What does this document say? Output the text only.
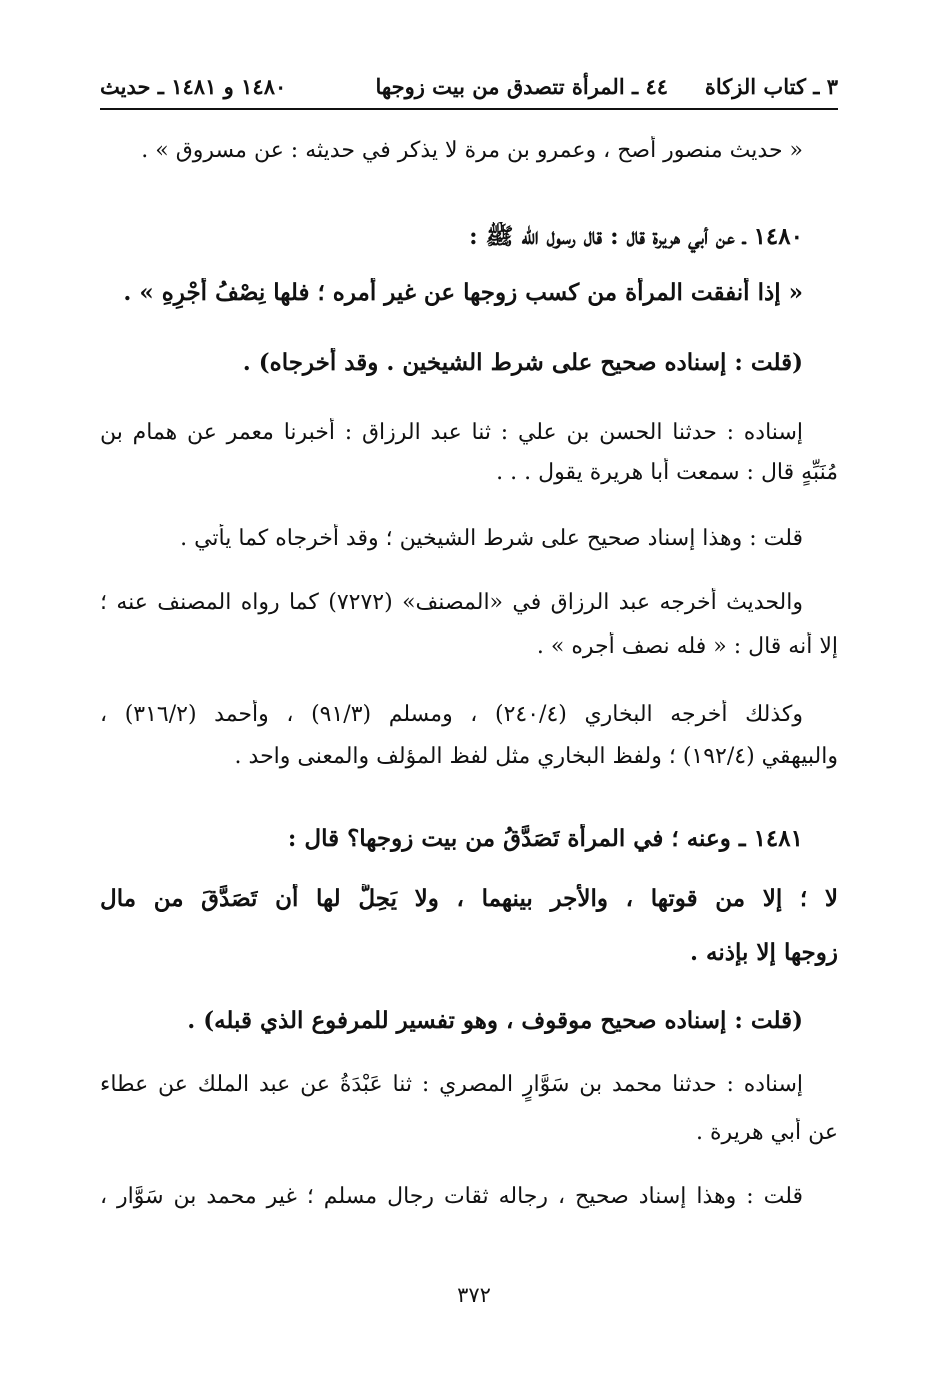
٣ ـ كتاب الزكاة
٤٤ ـ المرأة تتصدق من بيت زوجها
١٤٨٠ و ١٤٨١ ـ حديث
« حديث منصور أصح ، وعمرو بن مرة لا يذكر في حديثه : عن مسروق » .
١٤٨٠ ـ عن أبي هريرة قال : قال رسول الله ﷺ :
« إذا أنفقت المرأة من كسب زوجها عن غير أمره ؛ فلها نِصْفُ أَجْرِهِ » .
(قلت : إسناده صحيح على شرط الشيخين . وقد أخرجاه) .
إسناده : حدثنا الحسن بن علي : ثنا عبد الرزاق : أخبرنا معمر عن همام بن
مُنَبِّهٍ قال : سمعت أبا هريرة يقول . . .
قلت : وهذا إسناد صحيح على شرط الشيخين ؛ وقد أخرجاه كما يأتي .
والحديث أخرجه عبد الرزاق في «المصنف» (٧٢٧٢) كما رواه المصنف عنه ؛
إلا أنه قال : « فله نصف أجره » .
وكذلك أخرجه البخاري (٢٤٠/٤) ، ومسلم (٩١/٣) ، وأحمد (٣١٦/٢) ،
والبيهقي (١٩٢/٤) ؛ ولفظ البخاري مثل لفظ المؤلف والمعنى واحد .
١٤٨١ ـ وعنه ؛ في المرأة تَصَدَّقُ من بيت زوجها؟ قال :
لا ؛ إلا من قوتها ، والأجر بينهما ، ولا يَحِلُّ لها أن تَصَدَّقَ من مال
زوجها إلا بإذنه .
(قلت : إسناده صحيح موقوف ، وهو تفسير للمرفوع الذي قبله) .
إسناده : حدثنا محمد بن سَوَّارٍ المصري : ثنا عَبْدَةُ عن عبد الملك عن عطاء
عن أبي هريرة .
قلت : وهذا إسناد صحيح ، رجاله ثقات رجال مسلم ؛ غير محمد بن سَوَّار ،
٣٧٢
